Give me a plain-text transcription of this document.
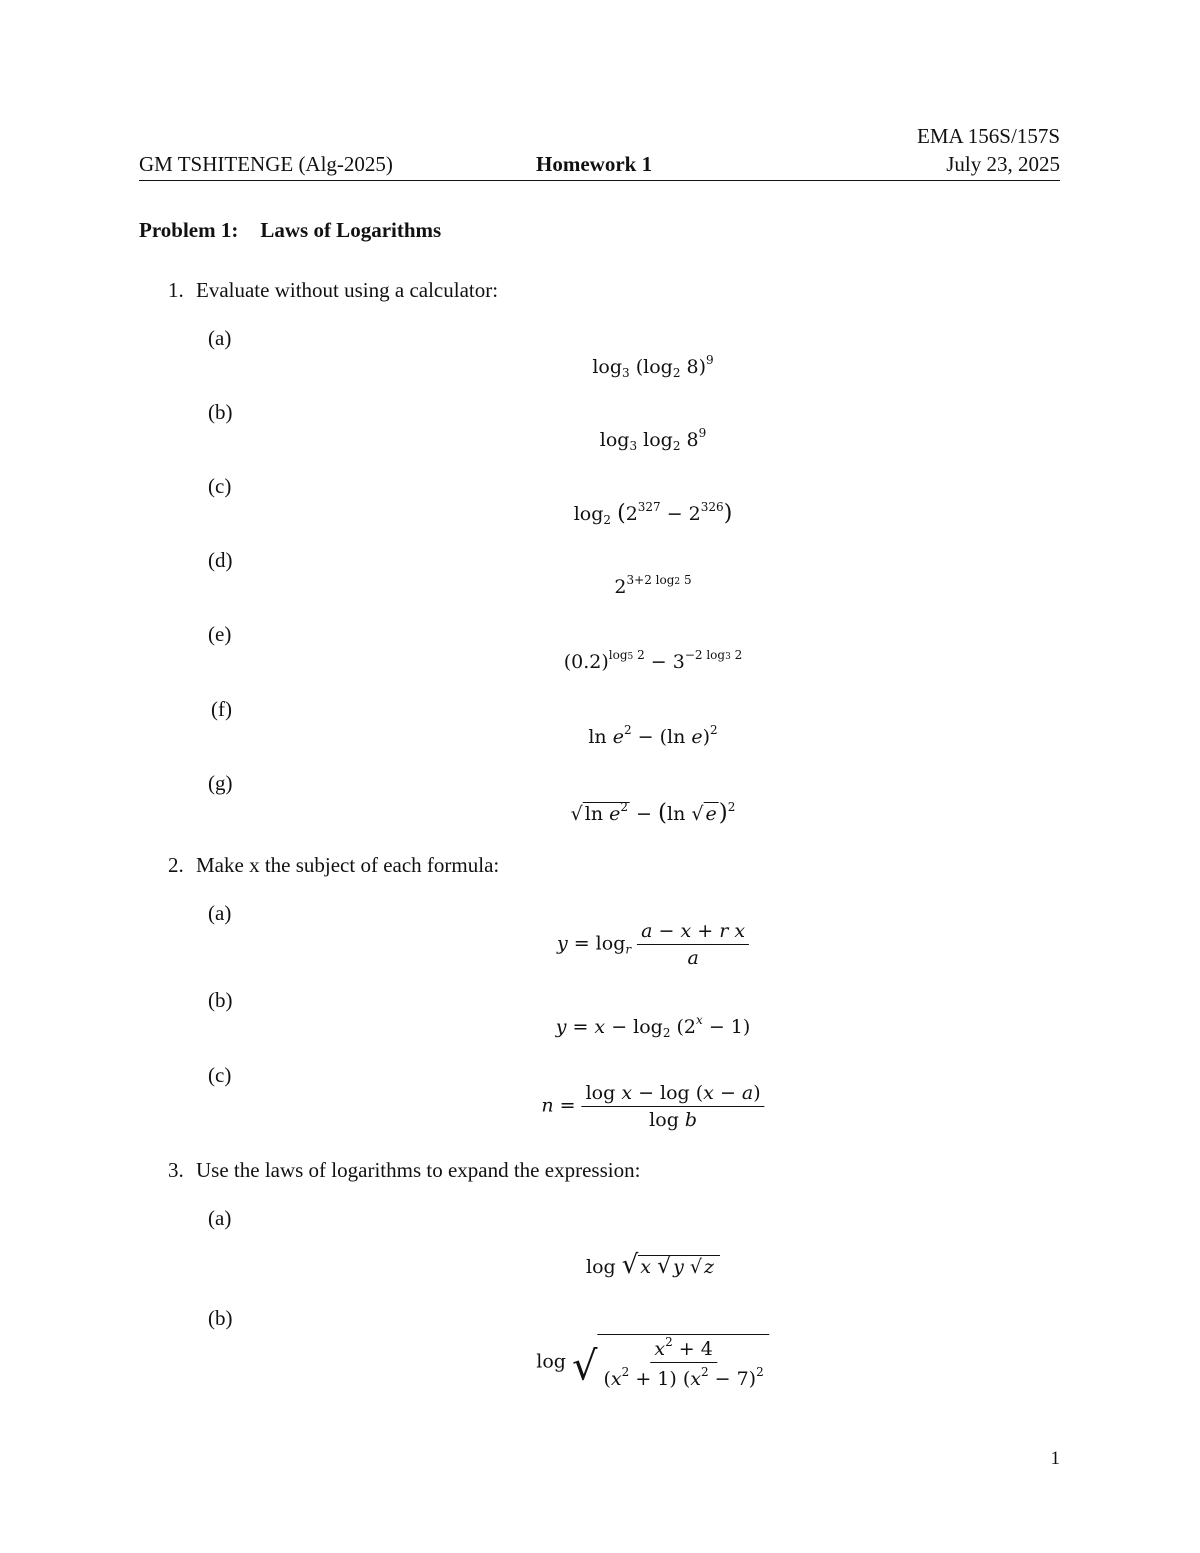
EMA 156S/157S
GM TSHITENGE (Alg-2025)	Homework 1	July 23, 2025
Problem 1: Laws of Logarithms
1. Evaluate without using a calculator:
(a)
(b)
(c)
(d)
(e)
(f)
(g)
$\log_3 (\log_2$ 8)$^9$
$\log_3 \log_2 8^9$
$\log_2 (2^{327} - 2^{326})$
$2^{3+2 log2 5}$
$(0.2)^{log5 2} - 3^{-2 log3 2}$
$\ln e^2 - (\ln$ e)$^2$
√ $\ln e^2 - (\ln$ √ e)$^2$
2. Make x the subject of each formula:
(a)
(b)
(c)
$y = \log_r \frac{\text{a − x + r x}}{a}$
$y = x - \log_2 (2^x - 1)$
$n = \frac{\text{log x − log (x − a)}}{\text{log b}}$
3. Use the laws of logarithms to expand the expression:
(a)
(b)
log √ x √ y √ z
log √ $\frac{x^2 + 4}{(x^2 + 1) (x^2 - 7)^2}$
1
